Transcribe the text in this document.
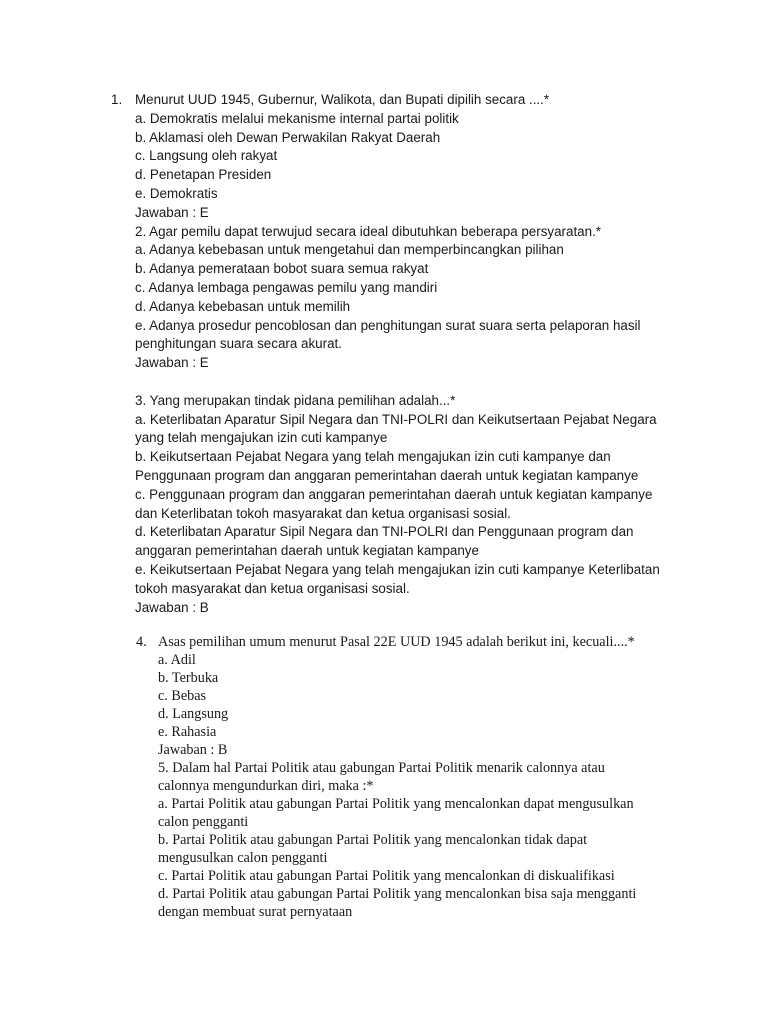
1. Menurut UUD 1945, Gubernur, Walikota, dan Bupati dipilih secara ....*
a. Demokratis melalui mekanisme internal partai politik
b. Aklamasi oleh Dewan Perwakilan Rakyat Daerah
c. Langsung oleh rakyat
d. Penetapan Presiden
e. Demokratis
Jawaban : E
2. Agar pemilu dapat terwujud secara ideal dibutuhkan beberapa persyaratan.*
a. Adanya kebebasan untuk mengetahui dan memperbincangkan pilihan
b. Adanya pemerataan bobot suara semua rakyat
c. Adanya lembaga pengawas pemilu yang mandiri
d. Adanya kebebasan untuk memilih
e. Adanya prosedur pencoblosan dan penghitungan surat suara serta pelaporan hasil
penghitungan suara secara akurat.
Jawaban : E
3. Yang merupakan tindak pidana pemilihan adalah...*
a. Keterlibatan Aparatur Sipil Negara dan TNI-POLRI dan Keikutsertaan Pejabat Negara
yang telah mengajukan izin cuti kampanye
b. Keikutsertaan Pejabat Negara yang telah mengajukan izin cuti kampanye dan
Penggunaan program dan anggaran pemerintahan daerah untuk kegiatan kampanye
c. Penggunaan program dan anggaran pemerintahan daerah untuk kegiatan kampanye
dan Keterlibatan tokoh masyarakat dan ketua organisasi sosial.
d. Keterlibatan Aparatur Sipil Negara dan TNI-POLRI dan Penggunaan program dan
anggaran pemerintahan daerah untuk kegiatan kampanye
e. Keikutsertaan Pejabat Negara yang telah mengajukan izin cuti kampanye Keterlibatan
tokoh masyarakat dan ketua organisasi sosial.
Jawaban : B
4. Asas pemilihan umum menurut Pasal 22E UUD 1945 adalah berikut ini, kecuali....*
a. Adil
b. Terbuka
c. Bebas
d. Langsung
e. Rahasia
Jawaban : B
5. Dalam hal Partai Politik atau gabungan Partai Politik menarik calonnya atau
calonnya mengundurkan diri, maka :*
a. Partai Politik atau gabungan Partai Politik yang mencalonkan dapat mengusulkan
calon pengganti
b. Partai Politik atau gabungan Partai Politik yang mencalonkan tidak dapat
mengusulkan calon pengganti
c. Partai Politik atau gabungan Partai Politik yang mencalonkan di diskualifikasi
d. Partai Politik atau gabungan Partai Politik yang mencalonkan bisa saja mengganti
dengan membuat surat pernyataan
